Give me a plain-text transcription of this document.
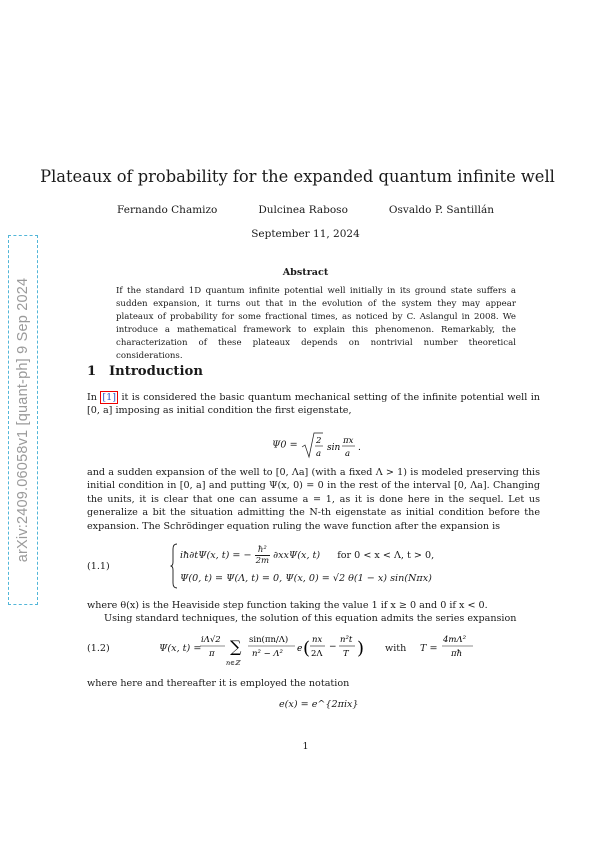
arXiv:2409.06058v1 [quant-ph] 9 Sep 2024
Plateaux of probability for the expanded quantum infinite well
Fernando Chamizo	Dulcinea Raboso	Osvaldo P. Santillán
September 11, 2024
Abstract
If the standard 1D quantum infinite potential well initially in its ground state suffers a sudden expansion, it turns out that in the evolution of the system they may appear plateaux of probability for some fractional times, as noticed by C. Aslangul in 2008. We introduce a mathematical framework to explain this phenomenon. Remarkably, the characterization of these plateaux depends on nontrivial number theoretical considerations.
1 Introduction
In [1] it is considered the basic quantum mechanical setting of the infinite potential well in [0, a] imposing as initial condition the first eigenstate,
Ψ0 = 2
a
sin
πx
a
.
and a sudden expansion of the well to [0, Λa] (with a fixed Λ > 1) is modeled preserving this initial condition in [0, a] and putting Ψ(x, 0) = 0 in the rest of the interval [0, Λa]. Changing the units, it is clear that one can assume a = 1, as it is done here in the sequel. Let us generalize a bit the situation admitting the N-th eigenstate as initial condition before the expansion. The Schrödinger equation ruling the wave function after the expansion is
(1.1)
iħ∂tΨ(x, t) = − $\frac{\text{ħ²}}{2m} \partial xx\Psi(x$, t) for 0 < x < Λ, t > 0,
Ψ(0, t) = Ψ(Λ, t) = 0, Ψ(x, 0) = √2 θ(1 − x) sin(Nπx)
where θ(x) is the Heaviside step function taking the value 1 if x ≥ 0 and 0 if x < 0.
Using standard techniques, the solution of this equation admits the series expansion
(1.2)	Ψ(x, t) =
iΛ√2
π ∑
n∈ℤ
sin(πn/Λ)
n² − Λ² e ( nx
2Λ
−
n²t
T ) with T =
4mΛ²
πħ
where here and thereafter it is employed the notation
e(x) = e^{2πix}
1
